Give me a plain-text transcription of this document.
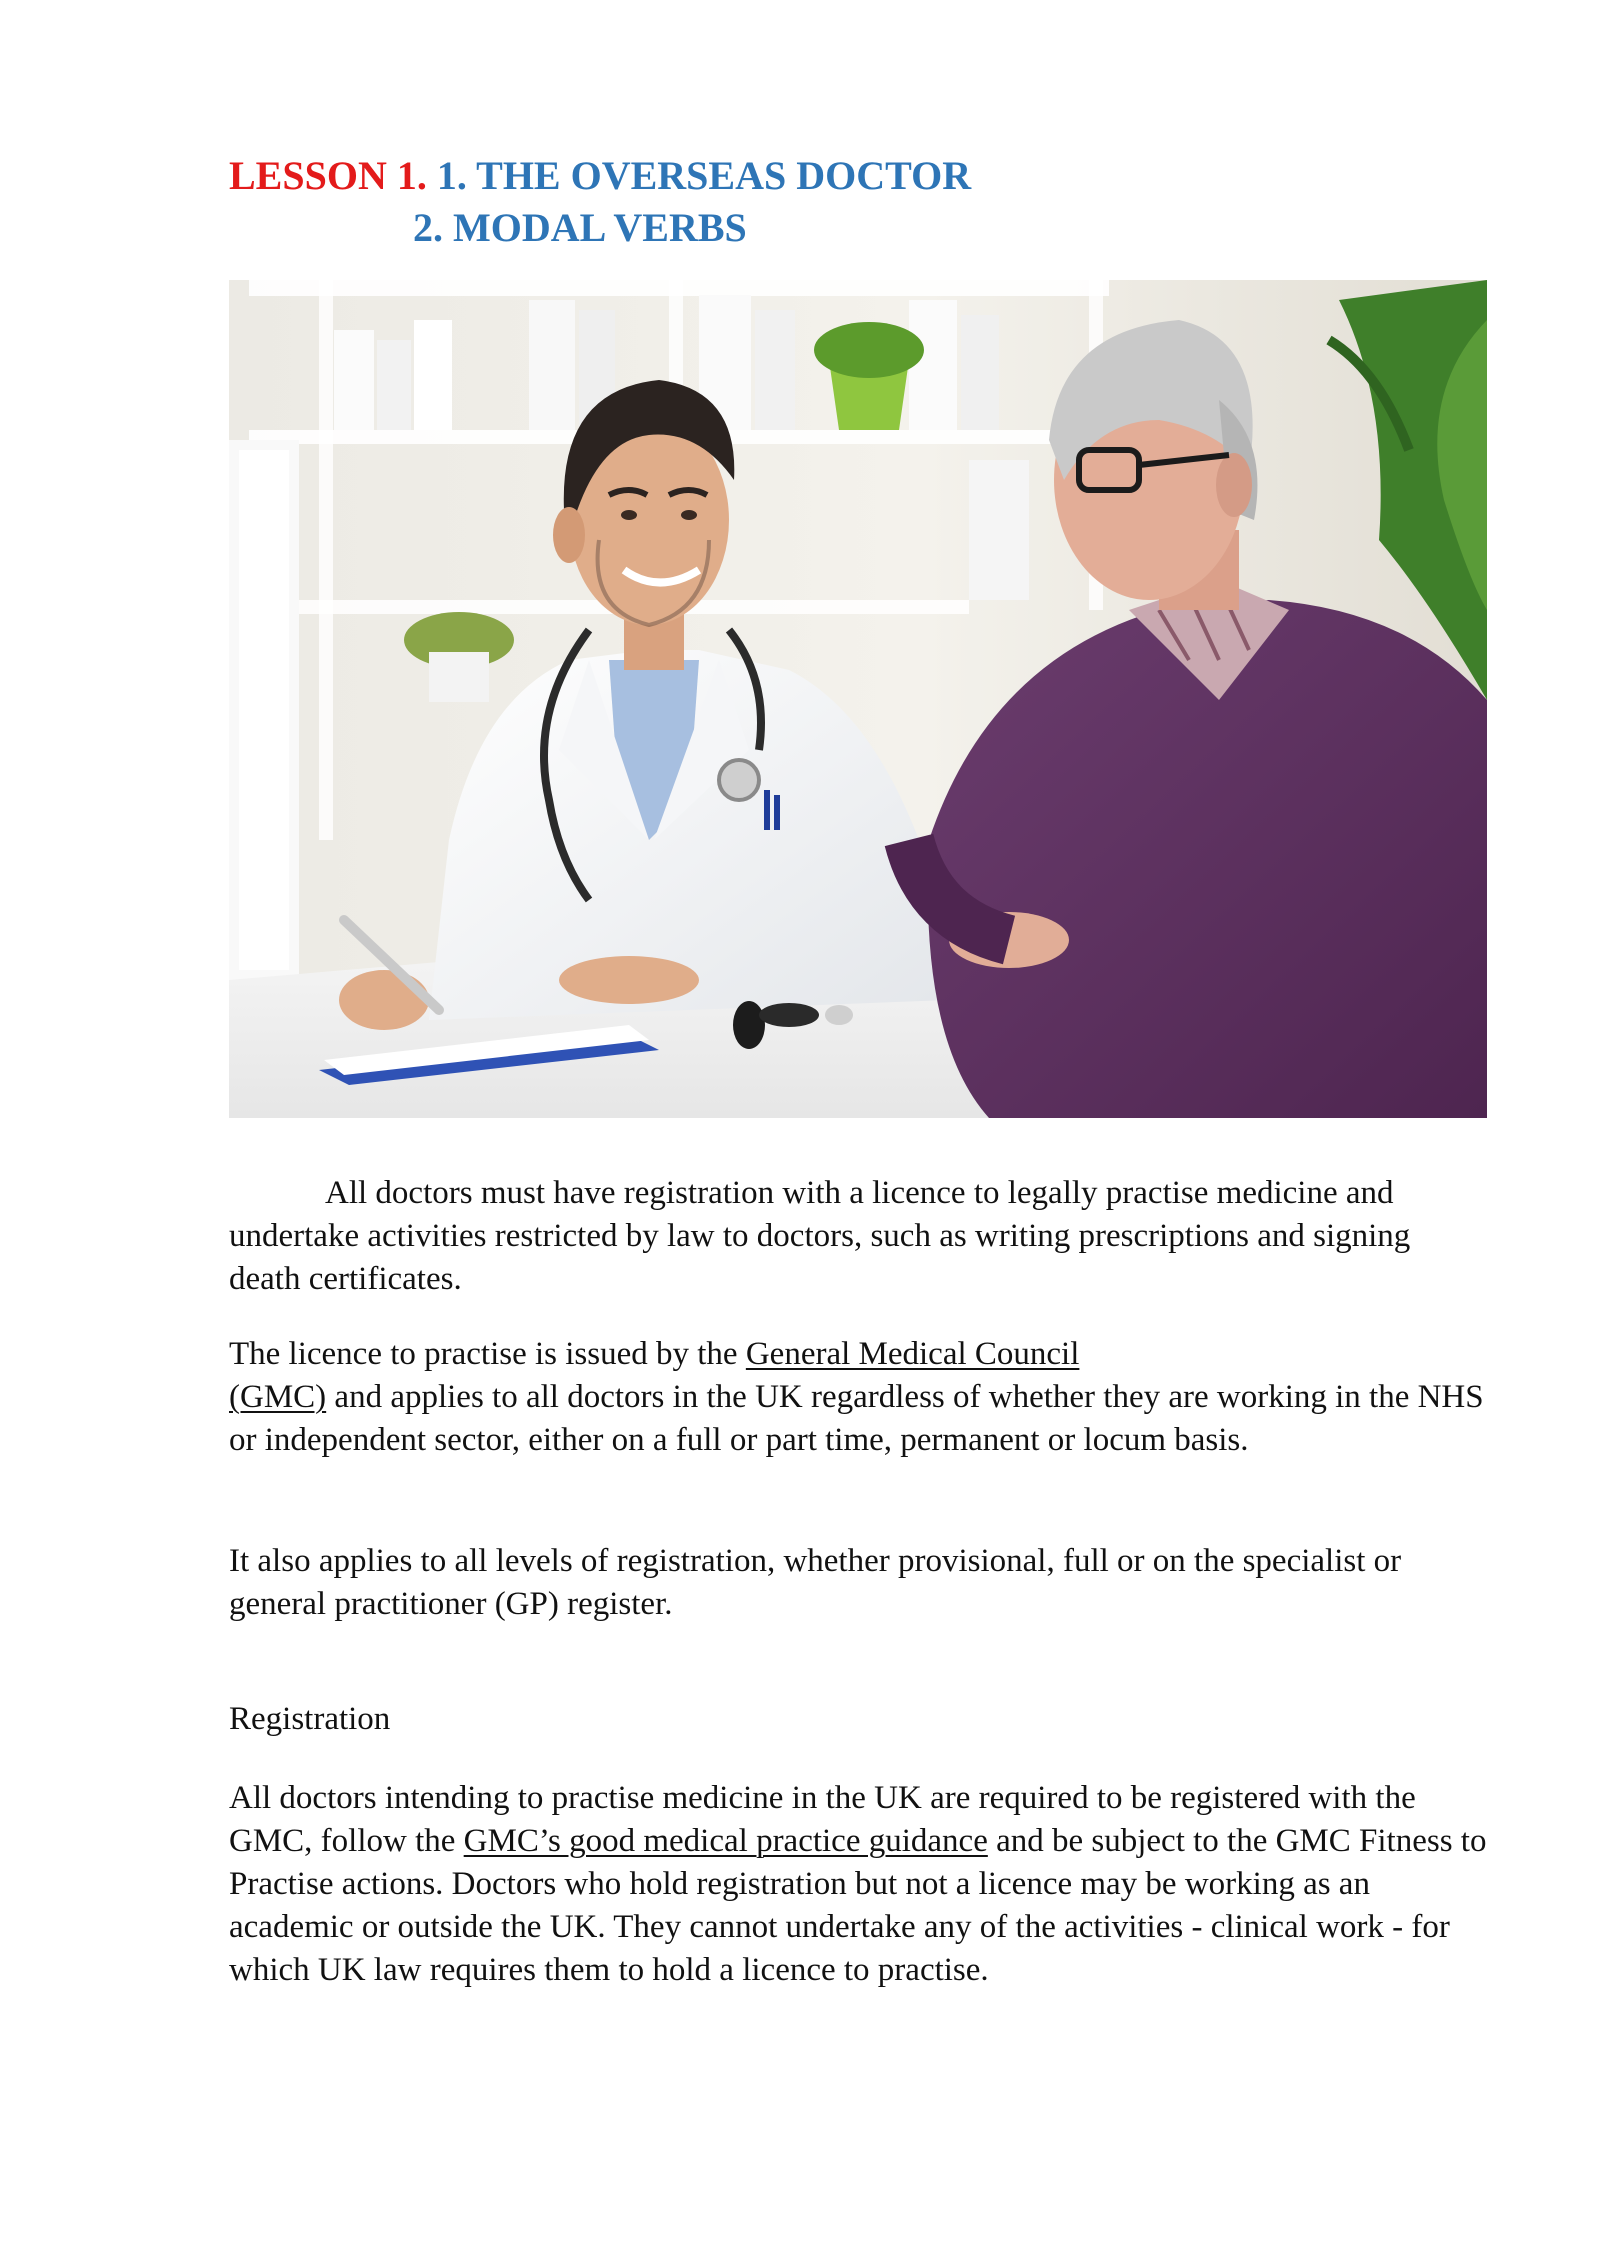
LESSON 1. 1. THE OVERSEAS DOCTOR
2. MODAL VERBS

All doctors must have registration with a licence to legally practise medicine and undertake activities restricted by law to doctors, such as writing prescriptions and signing death certificates.

The licence to practise is issued by the General Medical Council
(GMC) and applies to all doctors in the UK regardless of whether they are working in the NHS or independent sector, either on a full or part time, permanent or locum basis.

It also applies to all levels of registration, whether provisional, full or on the specialist or general practitioner (GP) register.

Registration

All doctors intending to practise medicine in the UK are required to be registered with the GMC, follow the GMC’s good medical practice guidance and be subject to the GMC Fitness to Practise actions. Doctors who hold registration but not a licence may be working as an academic or outside the UK. They cannot undertake any of the activities - clinical work - for which UK law requires them to hold a licence to practise.
